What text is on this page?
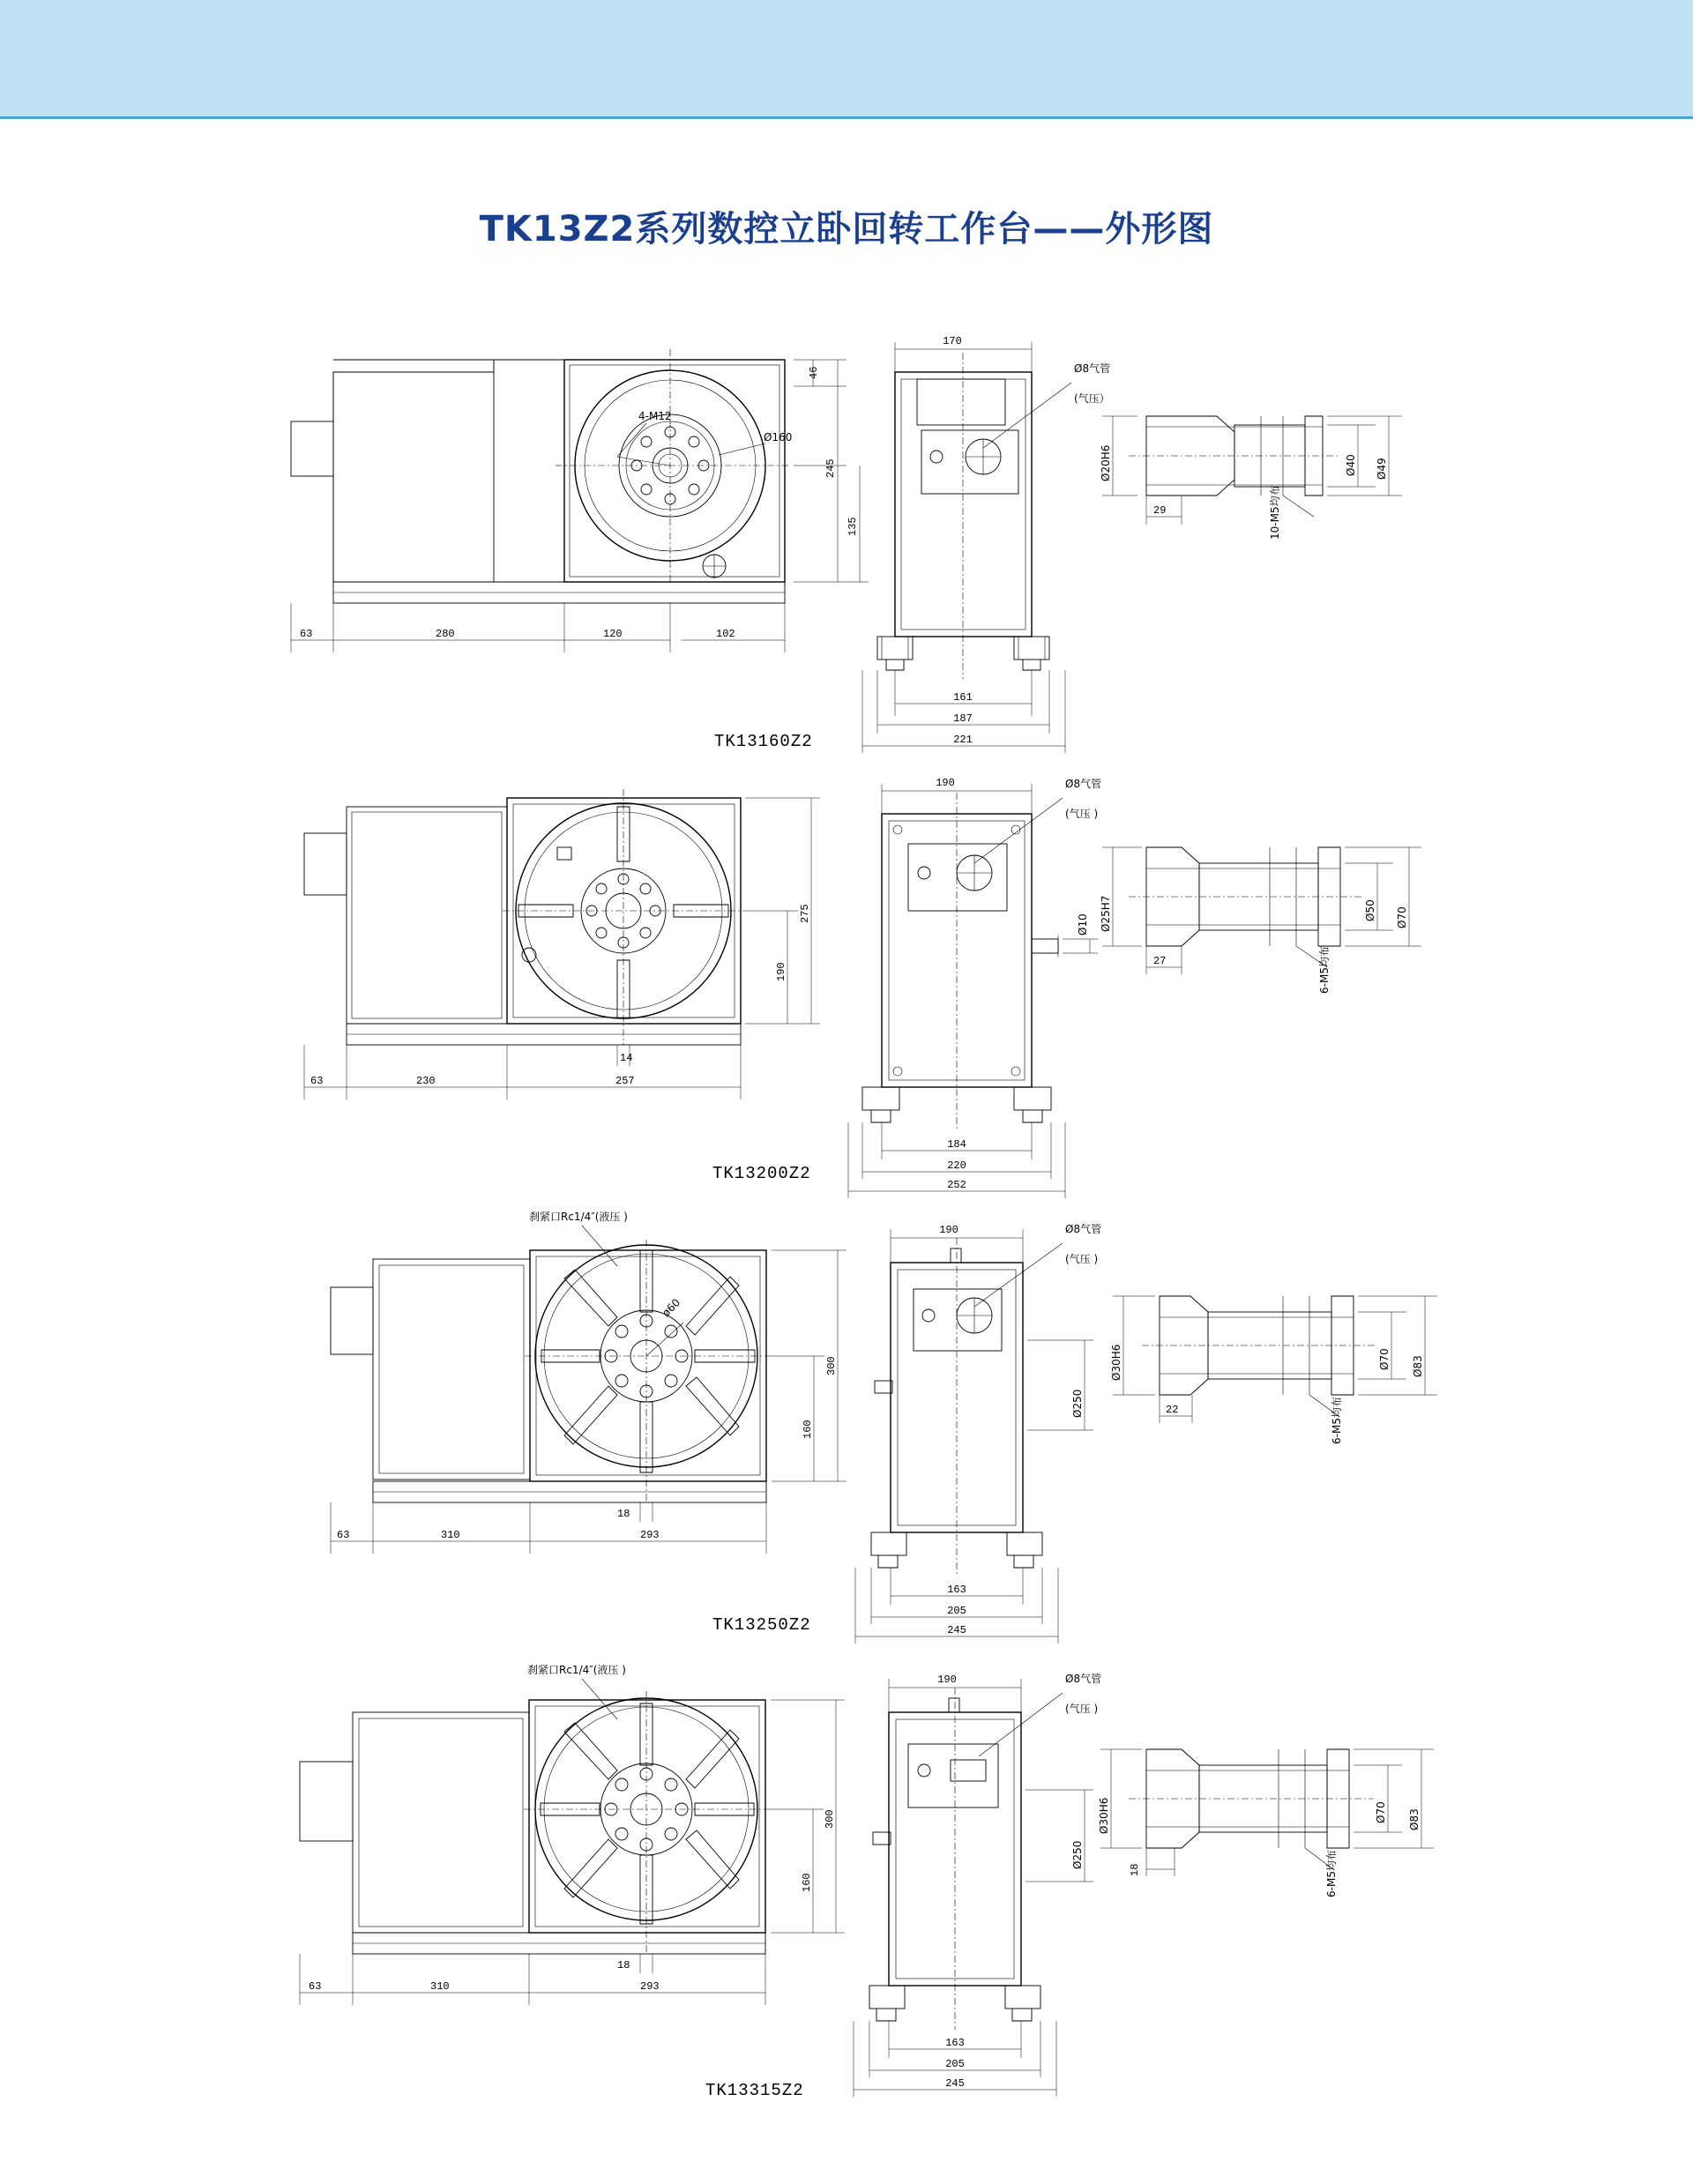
TK13Z2系列数控立卧回转工作台——外形图
4-M12
Ø160
46
245
135
63	280	120	102
170
Ø8气管
(气压）
161
187
221
Ø20H6	Ø40 Ø49
29	10-M5均布
TK13160Z2
275
190
63	230	257
14
190	Ø8气管
(气压 )
Ø10
184
220
252
Ø25H7	Ø50 Ø70
27	6-M5均布
TK13200Z2
ø60
刹紧口Rc1/4″(液压 )
300
160
63	310	293
18
190	Ø8气管
(气压 )
Ø250
163
205
245
Ø30H6	Ø70 Ø83
22	6-M5均布
TK13250Z2
刹紧口Rc1/4″(液压 )
300
160
63	310	293
18
190	Ø8气管
(气压 )
Ø250
163
205
245
Ø30H6	Ø70 Ø83
18	6-M5均布
TK13315Z2
